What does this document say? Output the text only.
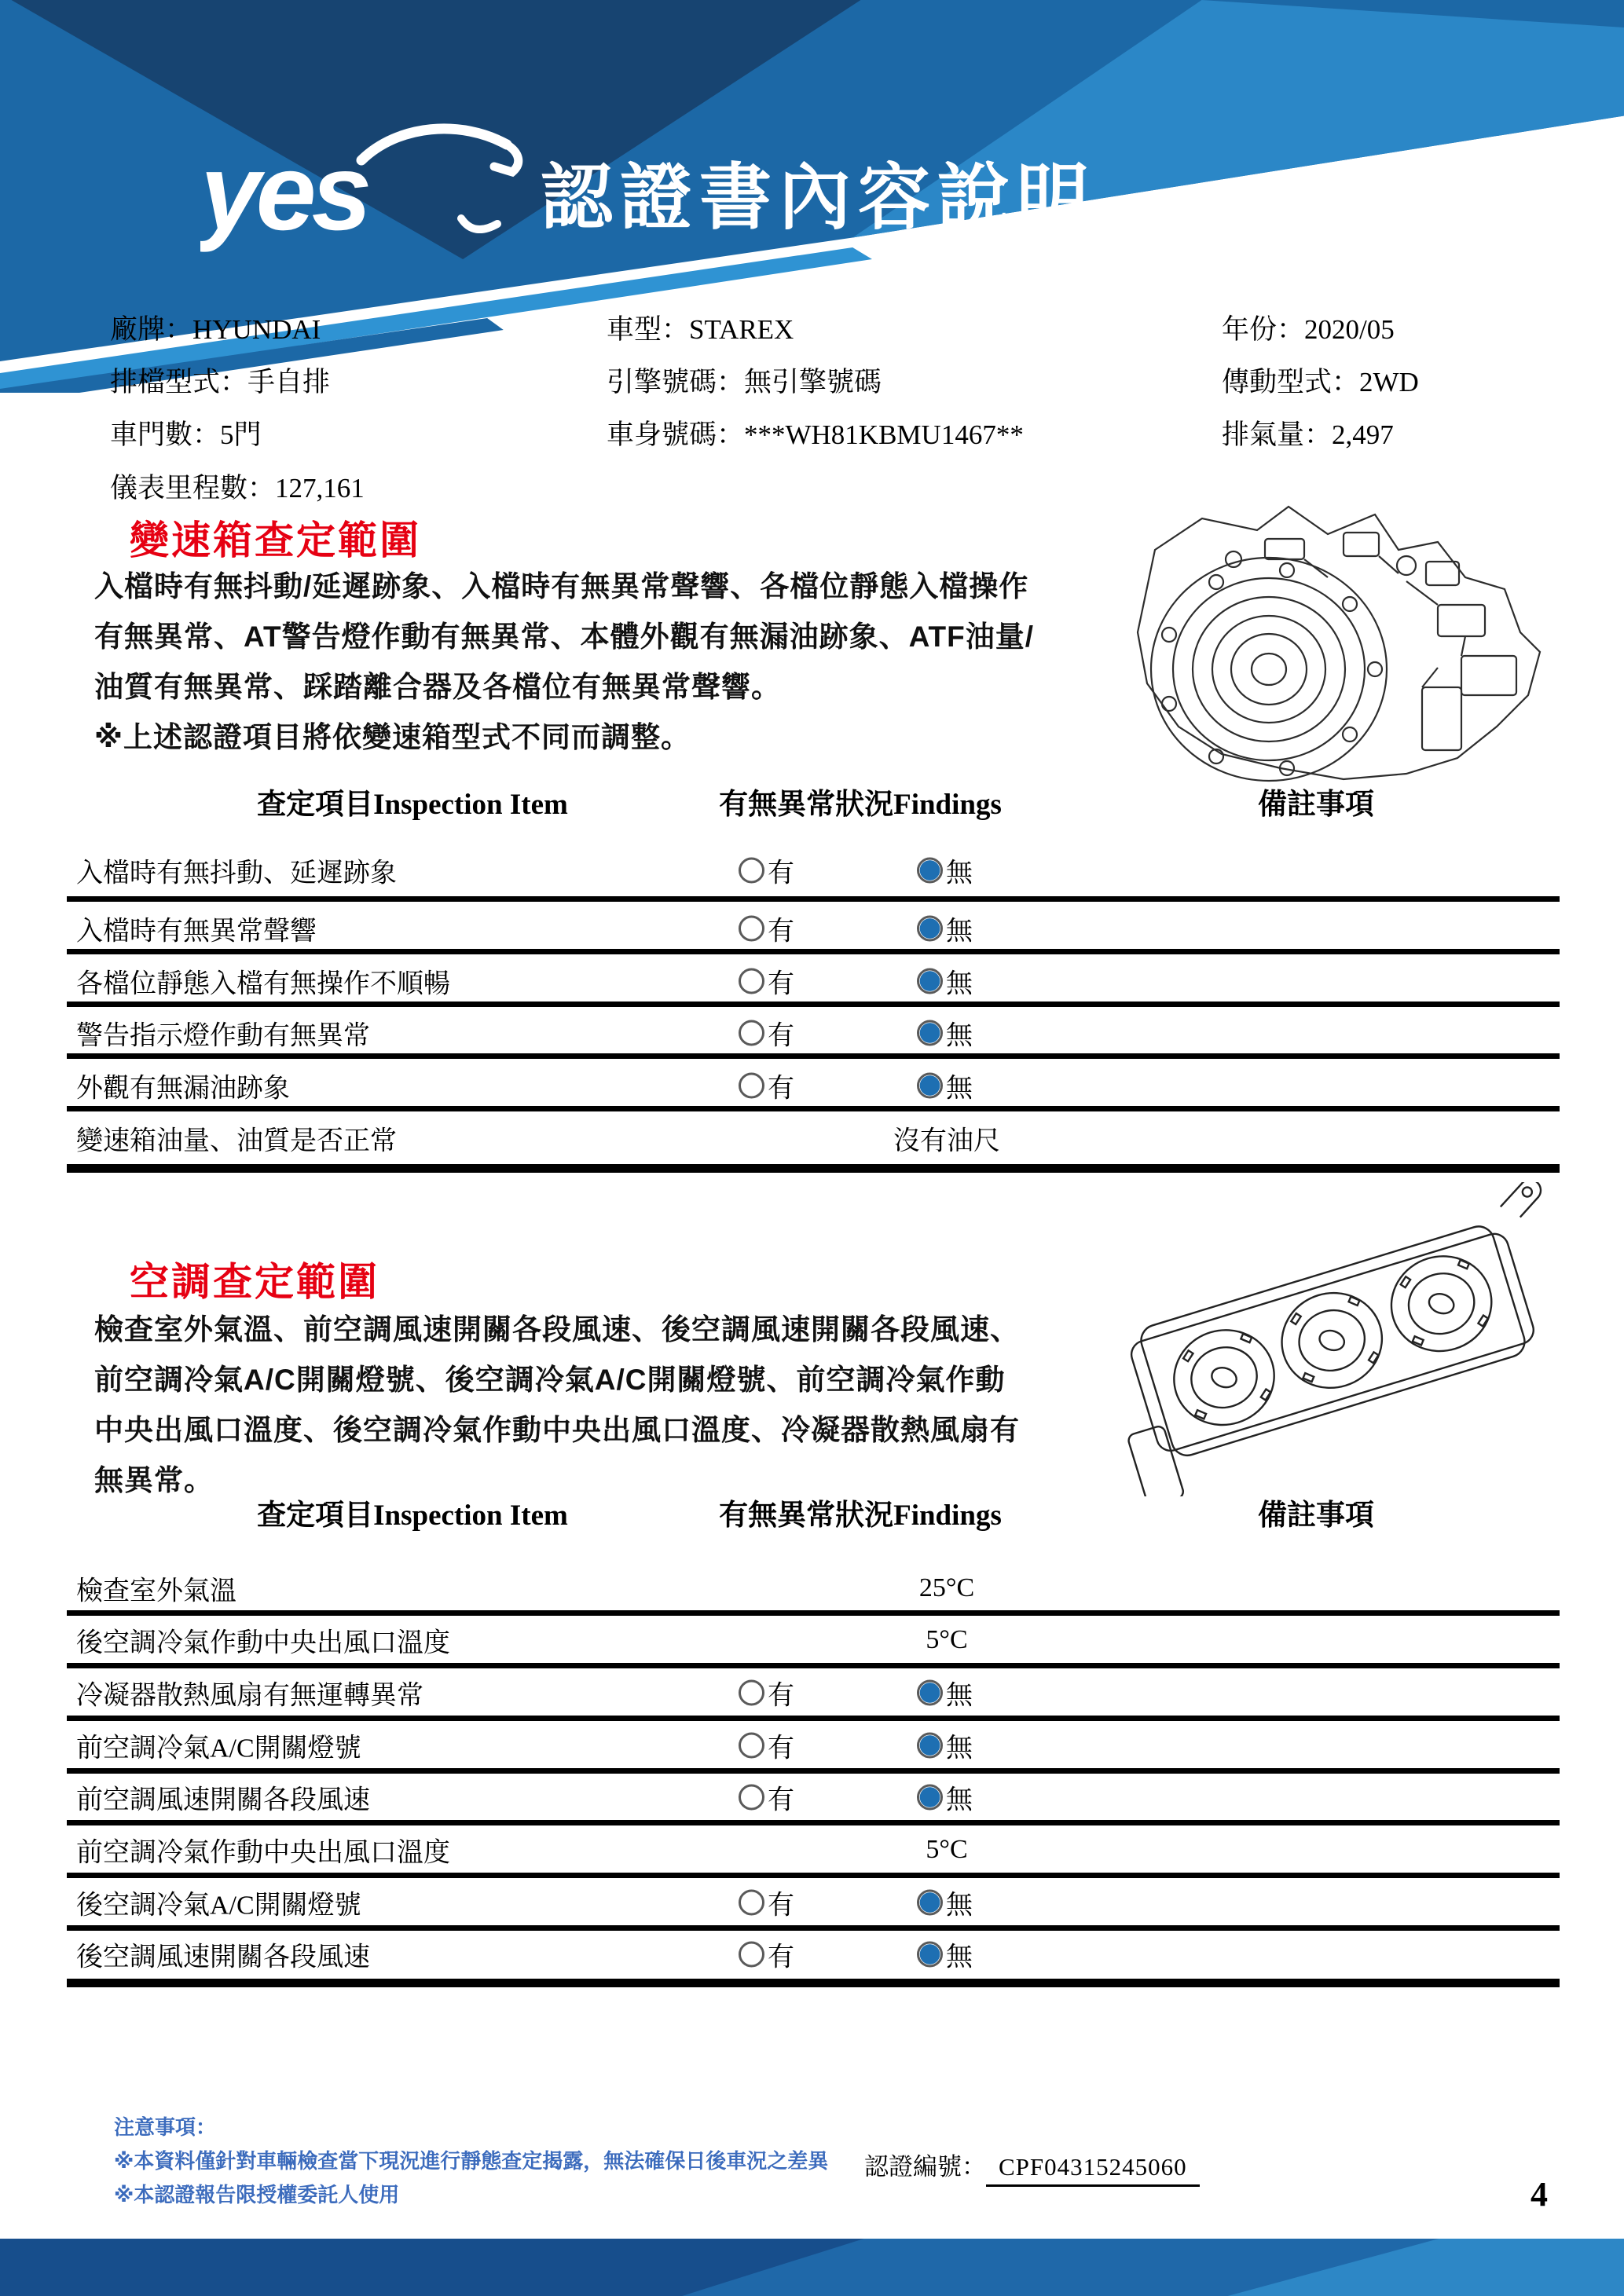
yes 認證書內容說明
廠牌：HYUNDAI
排檔型式：手自排
車門數：5門
儀表里程數：127,161
車型：STAREX
引擎號碼：無引擎號碼
車身號碼：***WH81KBMU1467**
年份：2020/05
傳動型式：2WD
排氣量：2,497
變速箱查定範圍
入檔時有無抖動/延遲跡象、入檔時有無異常聲響、各檔位靜態入檔操作
有無異常、AT警告燈作動有無異常、本體外觀有無漏油跡象、ATF油量/
油質有無異常、踩踏離合器及各檔位有無異常聲響。
※上述認證項目將依變速箱型式不同而調整。
查定項目Inspection Item	有無異常狀況Findings	備註事項
入檔時有無抖動、延遲跡象	有	無
入檔時有無異常聲響	有	無
各檔位靜態入檔有無操作不順暢	有	無
警告指示燈作動有無異常	有	無
外觀有無漏油跡象	有	無
變速箱油量、油質是否正常	沒有油尺
空調查定範圍
檢查室外氣溫、前空調風速開關各段風速、後空調風速開關各段風速、
前空調冷氣A/C開關燈號、後空調冷氣A/C開關燈號、前空調冷氣作動
中央出風口溫度、後空調冷氣作動中央出風口溫度、冷凝器散熱風扇有
無異常。
查定項目Inspection Item	有無異常狀況Findings	備註事項
檢查室外氣溫	25°C
後空調冷氣作動中央出風口溫度	5°C
冷凝器散熱風扇有無運轉異常	有	無
前空調冷氣A/C開關燈號	有	無
前空調風速開關各段風速	有	無
前空調冷氣作動中央出風口溫度	5°C
後空調冷氣A/C開關燈號	有	無
後空調風速開關各段風速	有	無
注意事項：
※本資料僅針對車輛檢查當下現況進行靜態查定揭露，無法確保日後車況之差異
※本認證報告限授權委託人使用
認證編號： CPF04315245060
4
